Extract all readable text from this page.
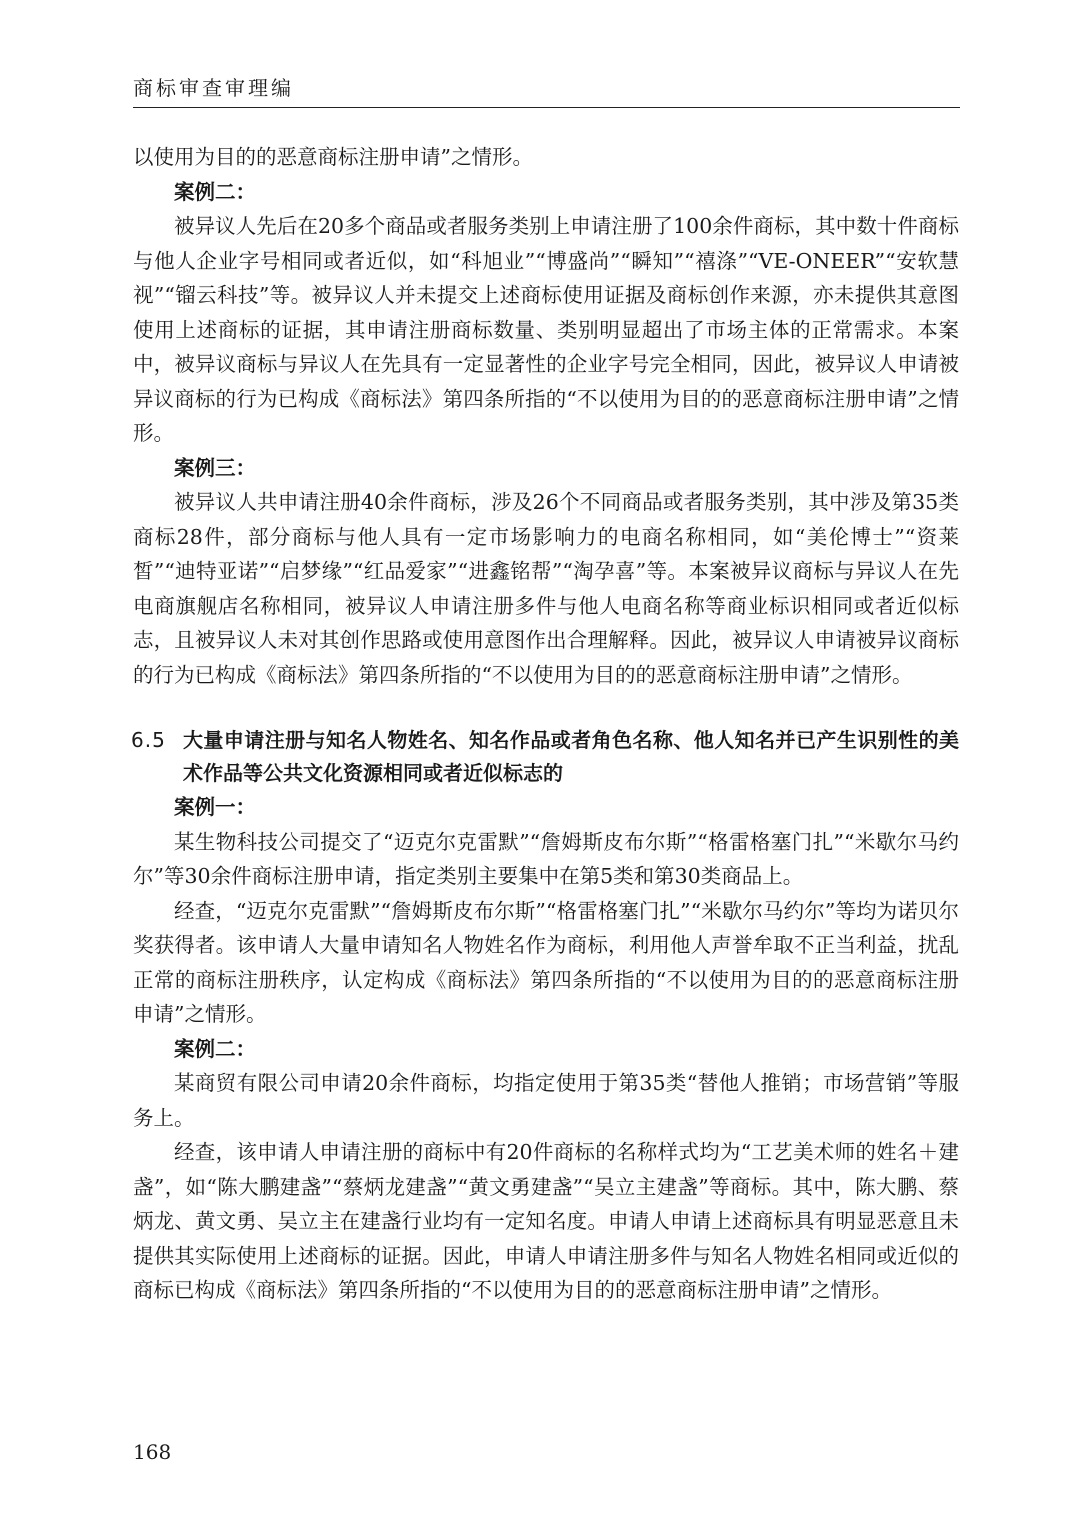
商标审查审理编

以使用为目的的恶意商标注册申请”之情形。

案例二：

被异议人先后在20多个商品或者服务类别上申请注册了100余件商标，其中数十件商标与他人企业字号相同或者近似，如“科旭业”“博盛尚”“瞬知”“禧涤”“VE-ONEER”“安软慧视”“镏云科技”等。被异议人并未提交上述商标使用证据及商标创作来源，亦未提供其意图使用上述商标的证据，其申请注册商标数量、类别明显超出了市场主体的正常需求。本案中，被异议商标与异议人在先具有一定显著性的企业字号完全相同，因此，被异议人申请被异议商标的行为已构成《商标法》第四条所指的“不以使用为目的的恶意商标注册申请”之情形。

案例三：

被异议人共申请注册40余件商标，涉及26个不同商品或者服务类别，其中涉及第35类商标28件，部分商标与他人具有一定市场影响力的电商名称相同，如“美伦博士”“资莱皙”“迪特亚诺”“启梦缘”“红品爱家”“进鑫铭帮”“淘孕喜”等。本案被异议商标与异议人在先电商旗舰店名称相同，被异议人申请注册多件与他人电商名称等商业标识相同或者近似标志，且被异议人未对其创作思路或使用意图作出合理解释。因此，被异议人申请被异议商标的行为已构成《商标法》第四条所指的“不以使用为目的的恶意商标注册申请”之情形。

6.5 大量申请注册与知名人物姓名、知名作品或者角色名称、他人知名并已产生识别性的美术作品等公共文化资源相同或者近似标志的

案例一：

某生物科技公司提交了“迈克尔克雷默”“詹姆斯皮布尔斯”“格雷格塞门扎”“米歇尔马约尔”等30余件商标注册申请，指定类别主要集中在第5类和第30类商品上。

经查，“迈克尔克雷默”“詹姆斯皮布尔斯”“格雷格塞门扎”“米歇尔马约尔”等均为诺贝尔奖获得者。该申请人大量申请知名人物姓名作为商标，利用他人声誉牟取不正当利益，扰乱正常的商标注册秩序，认定构成《商标法》第四条所指的“不以使用为目的的恶意商标注册申请”之情形。

案例二：

某商贸有限公司申请20余件商标，均指定使用于第35类“替他人推销；市场营销”等服务上。

经查，该申请人申请注册的商标中有20件商标的名称样式均为“工艺美术师的姓名＋建盏”，如“陈大鹏建盏”“蔡炳龙建盏”“黄文勇建盏”“吴立主建盏”等商标。其中，陈大鹏、蔡炳龙、黄文勇、吴立主在建盏行业均有一定知名度。申请人申请上述商标具有明显恶意且未提供其实际使用上述商标的证据。因此，申请人申请注册多件与知名人物姓名相同或近似的商标已构成《商标法》第四条所指的“不以使用为目的的恶意商标注册申请”之情形。

168
